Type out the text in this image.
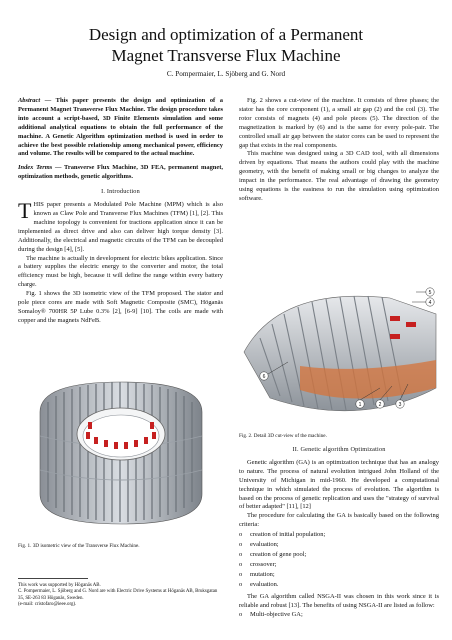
Design and optimization of a Permanent
Magnet Transverse Flux Machine
C. Pompermaier, L. Sjöberg and G. Nord

Abstract — This paper presents the design and optimization of a Permanent Magnet Transverse Flux Machine. The design procedure takes into account a script-based, 3D Finite Elements simulation and some additional analytical equations to obtain the full performance of the machine. A Genetic Algorithm optimization method is used in order to achieve the best possible relationship among mechanical power, efficiency and volume. The results will be compared to the actual machine.

Index Terms — Transverse Flux Machine, 3D FEA, permanent magnet, optimization methods, genetic algorithms.

I. Introduction

THIS paper presents a Modulated Pole Machine (MPM) which is also known as Claw Pole and Transverse Flux Machines (TFM) [1], [2]. This machine topology is convenient for tractions application since it can be implemented as direct drive and also can deliver high torque density [3]. Additionally, the electrical and magnetic circuits of the TFM can be decoupled during the design [4], [5].

The machine is actually in development for electric bikes application. Since a battery supplies the electric energy to the converter and motor, the total efficiency must be high, because it will define the range within every battery charge.

Fig. 1 shows the 3D isometric view of the TFM proposed. The stator and pole piece cores are made with Soft Magnetic Composite (SMC), Höganäs Somaloy® 700HR 5P Lube 0.3% [2], [6-9] [10]. The coils are made with copper and the magnets NdFeB.

Fig. 1. 3D isometric view of the Transverse Flux Machine.
This work was supported by Höganäs AB.
C. Pompermaier, L. Sjöberg and G. Nord are with Electric Drive Systems at Höganäs AB, Bruksgatan 35, SE-263 83 Höganäs, Sweden.
(e-mail: cristofaro@ieee.org).

Fig. 2 shows a cut-view of the machine. It consists of three phases; the stator has the core component (1), a small air gap (2) and the coil (3). The rotor consists of magnets (4) and pole pieces (5). The direction of the magnetization is marked by (6) and is the same for every pole-pair. The controlled small air gap between the stator cores can be used to represent the gap that exists in the real components.

This machine was designed using a 3D CAD tool, with all dimensions driven by equations. That means the authors could play with the machine geometry, with the benefit of making small or big changes to analyze the impact in the performance. The real advantage of drawing the geometry using equations is the easiness to run the simulation using optimization software.

1	2	3
4
5
6
Fig. 2. Detail 3D cut-view of the machine.

II. Genetic algorithm Optimization

Genetic algorithm (GA) is an optimization technique that has an analogy to nature. The process of natural evolution intrigued John Holland of the University of Michigan in mid-1960. He developed a computational technique in which simulated the process of evolution. The algorithm is based on the process of genetic replication and uses the "strategy of survival of better adapted" [11], [12]

The procedure for calculating the GA is basically based on the following criteria:

o creation of initial population;
o evaluation;
o creation of gene pool;
o crossover;
o mutation;
o evaluation.

The GA algorithm called NSGA-II was chosen in this work since it is reliable and robust [13]. The benefits of using NSGA-II are listed as follow:

o Multi-objective GA;
